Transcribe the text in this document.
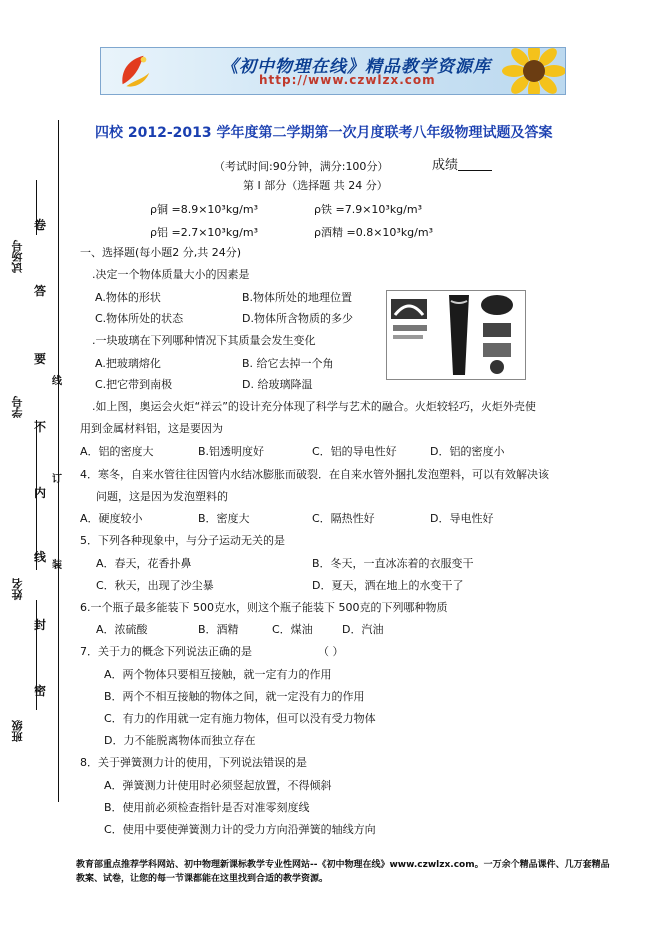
《初中物理在线》精品教学资源库
http://www.czwlzx.com
四校 2012-2013 学年度第二学期第一次月度联考八年级物理试题及答案
（考试时间:90分钟，满分:100分）	成绩
第 I 部分（选择题 共 24 分）
ρ铜 =8.9×10³kg/m³	ρ铁 =7.9×10³kg/m³
ρ铝 =2.7×10³kg/m³	ρ酒精 =0.8×10³kg/m³
一、选择题(每小题2 分,共 24分)
.决定一个物体质量大小的因素是
A.物体的形状	B.物体所处的地理位置
C.物体所处的状态	D.物体所含物质的多少
.一块玻璃在下列哪种情况下其质量会发生变化
A.把玻璃熔化	B. 给它去掉一个角
C.把它带到南极	D. 给玻璃降温
.如上图，奥运会火炬“祥云”的设计充分体现了科学与艺术的融合。火炬较轻巧，火炬外壳使
用到金属材料铝，这是要因为
A．铝的密度大	B.铝透明度好	C．铝的导电性好	D．铝的密度小
4．寒冬，自来水管往往因管内水结冰膨胀而破裂．在自来水管外捆扎发泡塑料，可以有效解决该
问题，这是因为发泡塑料的
A．硬度较小	B．密度大	C．隔热性好	D．导电性好
5．下列各种现象中，与分子运动无关的是
A．春天，花香扑鼻	B．冬天，一直冰冻着的衣服变干
C．秋天，出现了沙尘暴	D．夏天，洒在地上的水变干了
6.一个瓶子最多能装下 500克水，则这个瓶子能装下 500克的下列哪种物质
A．浓硫酸	B．酒精	C．煤油	D．汽油
7．关于力的概念下列说法正确的是	（ ）
A．两个物体只要相互接触，就一定有力的作用
B．两个不相互接触的物体之间，就一定没有力的作用
C．有力的作用就一定有施力物体，但可以没有受力物体
D．力不能脱离物体而独立存在
8．关于弹簧测力计的使用，下列说法错误的是
A．弹簧测力计使用时必须竖起放置，不得倾斜
B．使用前必须检查指针是否对准零刻度线
C．使用中要使弹簧测力计的受力方向沿弹簧的轴线方向
试场号
学号
姓名
班级
卷
答
要
不
内
线
封
密
线
订
装
教育部重点推荐学科网站、初中物理新课标教学专业性网站--《初中物理在线》www.czwlzx.com。一万余个精品课件、几万套精品教案、试卷，让您的每一节课都能在这里找到合适的教学资源。
